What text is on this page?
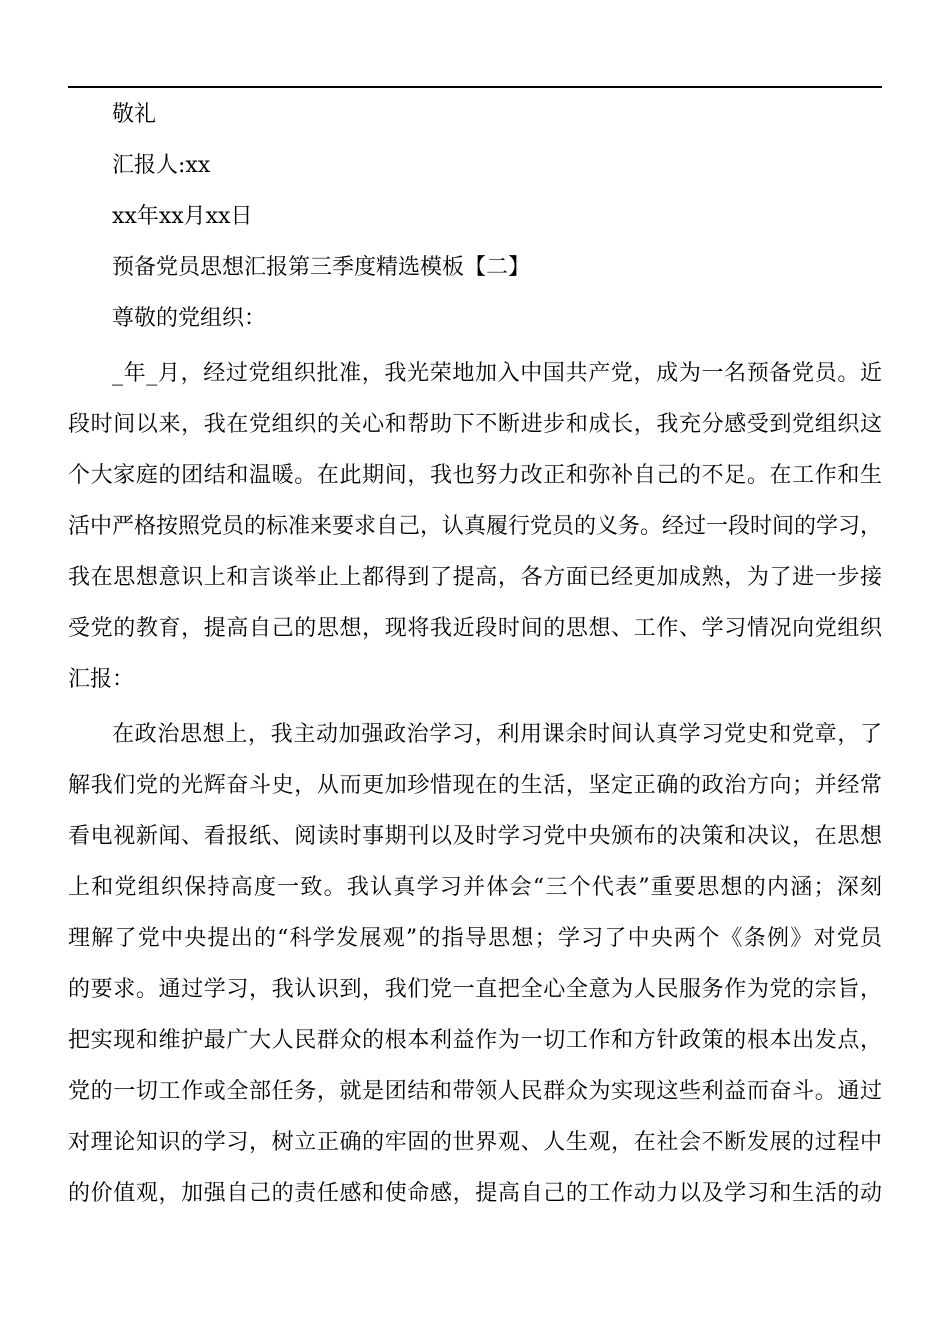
敬礼
汇报人:xx
xx年xx月xx日
预备党员思想汇报第三季度精选模板【二】
尊敬的党组织：
_年_月，经过党组织批准，我光荣地加入中国共产党，成为一名预备党员。近
段时间以来，我在党组织的关心和帮助下不断进步和成长，我充分感受到党组织这
个大家庭的团结和温暖。在此期间，我也努力改正和弥补自己的不足。在工作和生
活中严格按照党员的标准来要求自己，认真履行党员的义务。经过一段时间的学习，
我在思想意识上和言谈举止上都得到了提高，各方面已经更加成熟，为了进一步接
受党的教育，提高自己的思想，现将我近段时间的思想、工作、学习情况向党组织
汇报：
在政治思想上，我主动加强政治学习，利用课余时间认真学习党史和党章，了
解我们党的光辉奋斗史，从而更加珍惜现在的生活，坚定正确的政治方向；并经常
看电视新闻、看报纸、阅读时事期刊以及时学习党中央颁布的决策和决议，在思想
上和党组织保持高度一致。我认真学习并体会“三个代表”重要思想的内涵；深刻
理解了党中央提出的“科学发展观”的指导思想；学习了中央两个《条例》对党员
的要求。通过学习，我认识到，我们党一直把全心全意为人民服务作为党的宗旨，
把实现和维护最广大人民群众的根本利益作为一切工作和方针政策的根本出发点，
党的一切工作或全部任务，就是团结和带领人民群众为实现这些利益而奋斗。通过
对理论知识的学习，树立正确的牢固的世界观、人生观，在社会不断发展的过程中
的价值观，加强自己的责任感和使命感，提高自己的工作动力以及学习和生活的动
